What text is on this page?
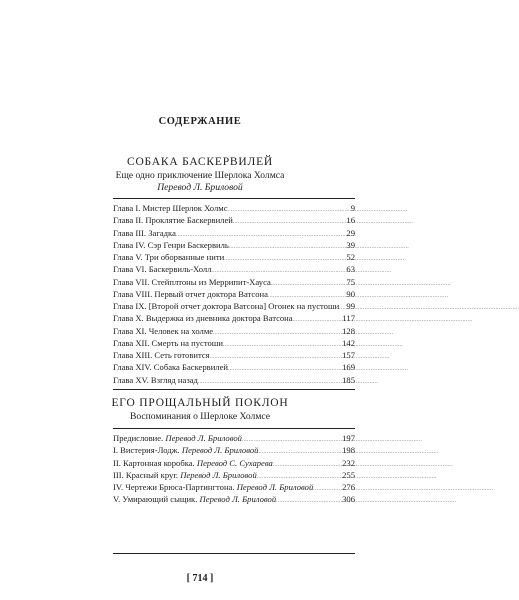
СОДЕРЖАНИЕ
СОБАКА БАСКЕРВИЛЕЙ
Еще одно приключение Шерлока Холмса
Перевод Л. Бриловой
Глава I. Мистер Шерлок Холмс . . .	9
Глава II. Проклятие Баскервилей . . .	16
Глава III. Загадка . . .	29
Глава IV. Сэр Генри Баскервиль . . .	39
Глава V. Три оборванные нити . . .	52
Глава VI. Баскервиль-Холл . . .	63
Глава VII. Стейплтоны из Меррипит-Хауса . . .	75
Глава VIII. Первый отчет доктора Ватсона . . .	90
Глава IX. [Второй отчет доктора Ватсона] Огонек на пустоши . . . 99
Глава X. Выдержка из дневника доктора Ватсона . . .	117
Глава XI. Человек на холме . . .	128
Глава XII. Смерть на пустоши . . .	142
Глава XIII. Сеть готовится . . .	157
Глава XIV. Собака Баскервилей . . .	169
Глава XV. Взгляд назад . . .	185
ЕГО ПРОЩАЛЬНЫЙ ПОКЛОН
Воспоминания о Шерлоке Холмсе
Предисловие. Перевод Л. Бриловой . . .	197
I. Вистерия-Лодж. Перевод Л. Бриловой . . .	198
II. Картонная коробка. Перевод С. Сухарева . . .	232
III. Красный круг. Перевод Л. Бриловой . . .	255
IV. Чертежи Брюса-Партингтона. Перевод Л. Бриловой . . .	276
V. Умирающий сыщик. Перевод Л. Бриловой . . .	306
[ 714 ]
